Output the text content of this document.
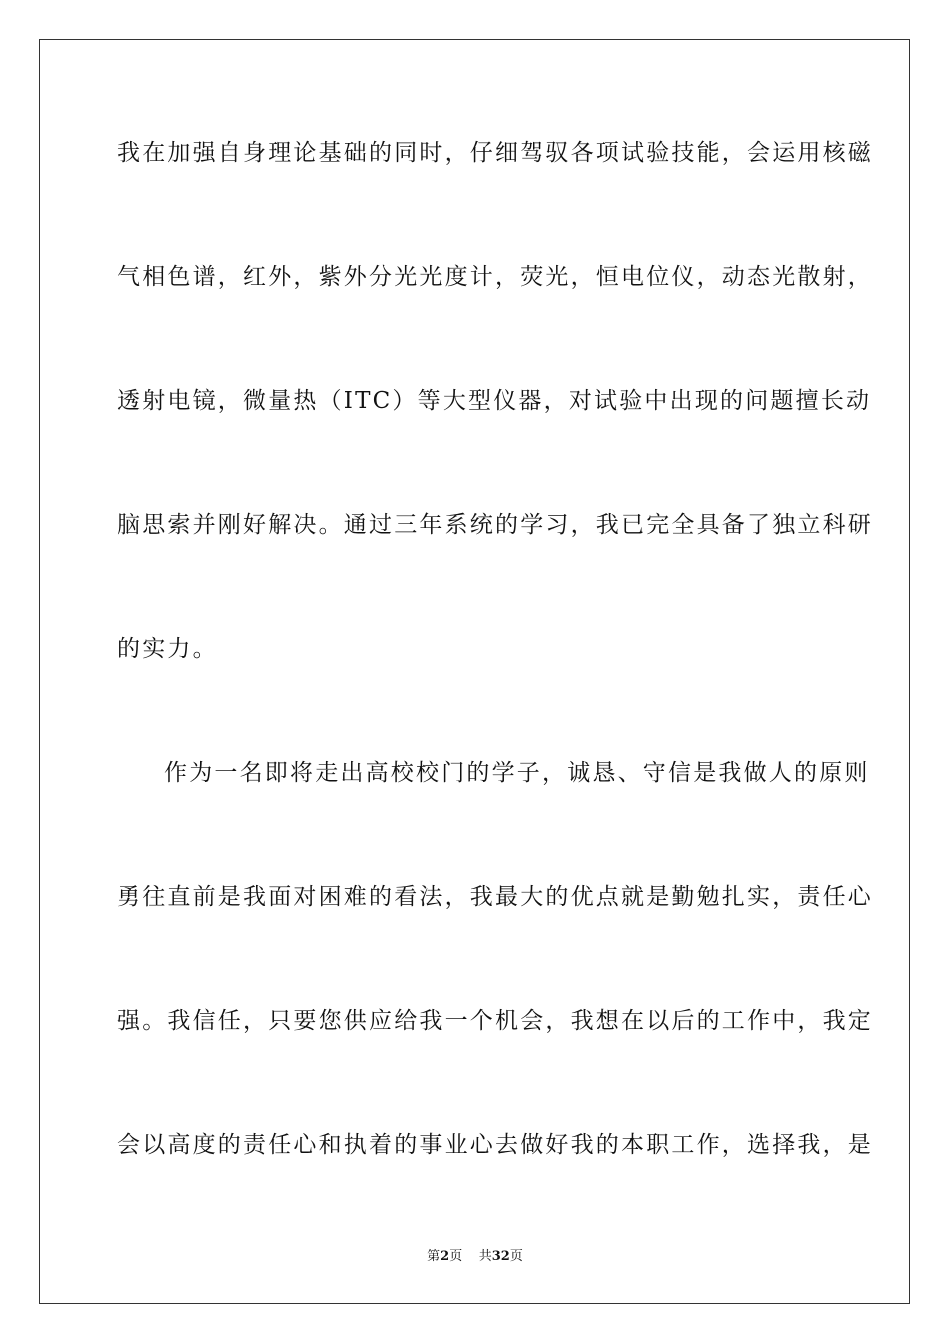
我在加强自身理论基础的同时，仔细驾驭各项试验技能，会运用核磁
气相色谱，红外，紫外分光光度计，荧光，恒电位仪，动态光散射，
透射电镜，微量热（ITC）等大型仪器，对试验中出现的问题擅长动
脑思索并刚好解决。通过三年系统的学习，我已完全具备了独立科研
的实力。
作为一名即将走出高校校门的学子，诚恳、守信是我做人的原则
勇往直前是我面对困难的看法，我最大的优点就是勤勉扎实，责任心
强。我信任，只要您供应给我一个机会，我想在以后的工作中，我定
会以高度的责任心和执着的事业心去做好我的本职工作，选择我，是
第2页 共32页
